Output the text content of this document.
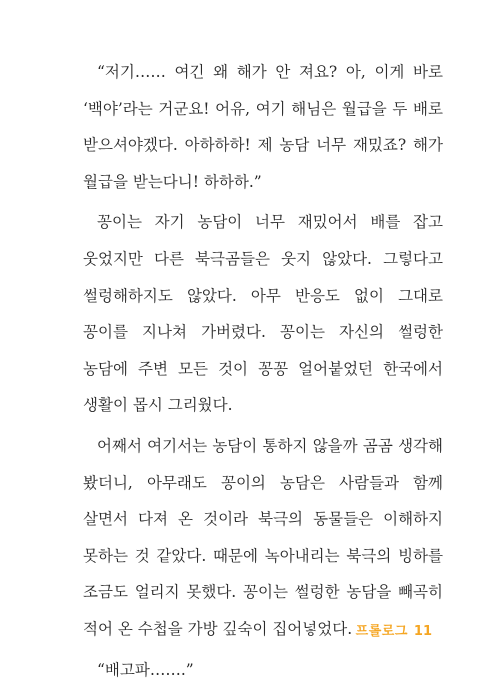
“저기…… 여긴 왜 해가 안 져요? 아, 이게 바로 ‘백야’라는 거군요! 어유, 여기 해님은 월급을 두 배로 받으셔야겠다. 아하하하! 제 농담 너무 재밌죠? 해가 월급을 받는다니! 하하하.”

꽁이는 자기 농담이 너무 재밌어서 배를 잡고 웃었지만 다른 북극곰들은 웃지 않았다. 그렇다고 썰렁해하지도 않았다. 아무 반응도 없이 그대로 꽁이를 지나쳐 가버렸다. 꽁이는 자신의 썰렁한 농담에 주변 모든 것이 꽁꽁 얼어붙었던 한국에서 생활이 몹시 그리웠다.

어째서 여기서는 농담이 통하지 않을까 곰곰 생각해 봤더니, 아무래도 꽁이의 농담은 사람들과 함께 살면서 다져 온 것이라 북극의 동물들은 이해하지 못하는 것 같았다. 때문에 녹아내리는 북극의 빙하를 조금도 얼리지 못했다. 꽁이는 썰렁한 농담을 빼곡히 적어 온 수첩을 가방 깊숙이 집어넣었다.

“배고파…….”

프롤로그 11
